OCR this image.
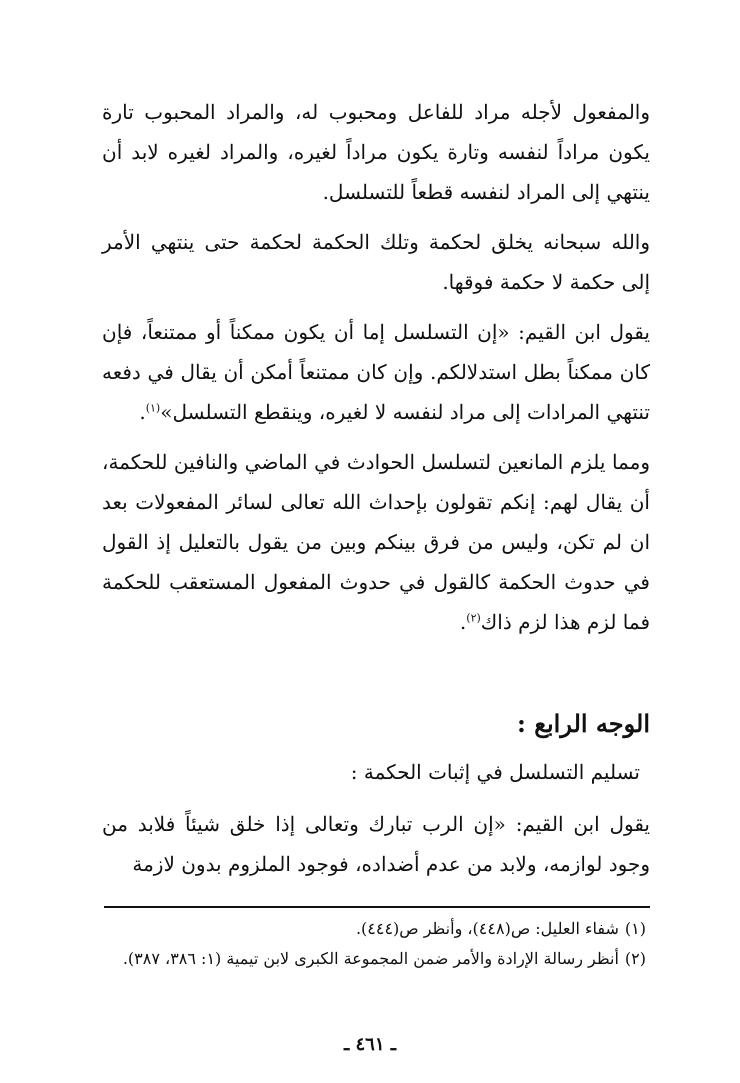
والمفعول لأجله مراد للفاعل ومحبوب له، والمراد المحبوب تارة يكون مراداً لنفسه وتارة يكون مراداً لغيره، والمراد لغيره لابد أن ينتهي إلى المراد لنفسه قطعاً للتسلسل.

والله سبحانه يخلق لحكمة وتلك الحكمة لحكمة حتى ينتهي الأمر إلى حكمة لا حكمة فوقها.

يقول ابن القيم: «إن التسلسل إما أن يكون ممكناً أو ممتنعاً، فإن كان ممكناً بطل استدلالكم. وإن كان ممتنعاً أمكن أن يقال في دفعه تنتهي المرادات إلى مراد لنفسه لا لغيره، وينقطع التسلسل»$^{(١)}$.

ومما يلزم المانعين لتسلسل الحوادث في الماضي والنافين للحكمة، أن يقال لهم: إنكم تقولون بإحداث الله تعالى لسائر المفعولات بعد ان لم تكن، وليس من فرق بينكم وبين من يقول بالتعليل إذ القول في حدوث الحكمة كالقول في حدوث المفعول المستعقب للحكمة فما لزم هذا لزم ذاك$^{(٢)}$.

الوجه الرابع :

تسليم التسلسل في إثبات الحكمة :

يقول ابن القيم: «إن الرب تبارك وتعالى إذا خلق شيئاً فلابد من وجود لوازمه، ولابد من عدم أضداده، فوجود الملزوم بدون لازمة

(١)شفاء العليل: ص(٤٤٨)، وأنظر ص(٤٤٤).

(٢)أنظر رسالة الإرادة والأمر ضمن المجموعة الكبرى لابن تيمية (١: ٣٨٦، ٣٨٧).

ـ ٤٦١ ـ
